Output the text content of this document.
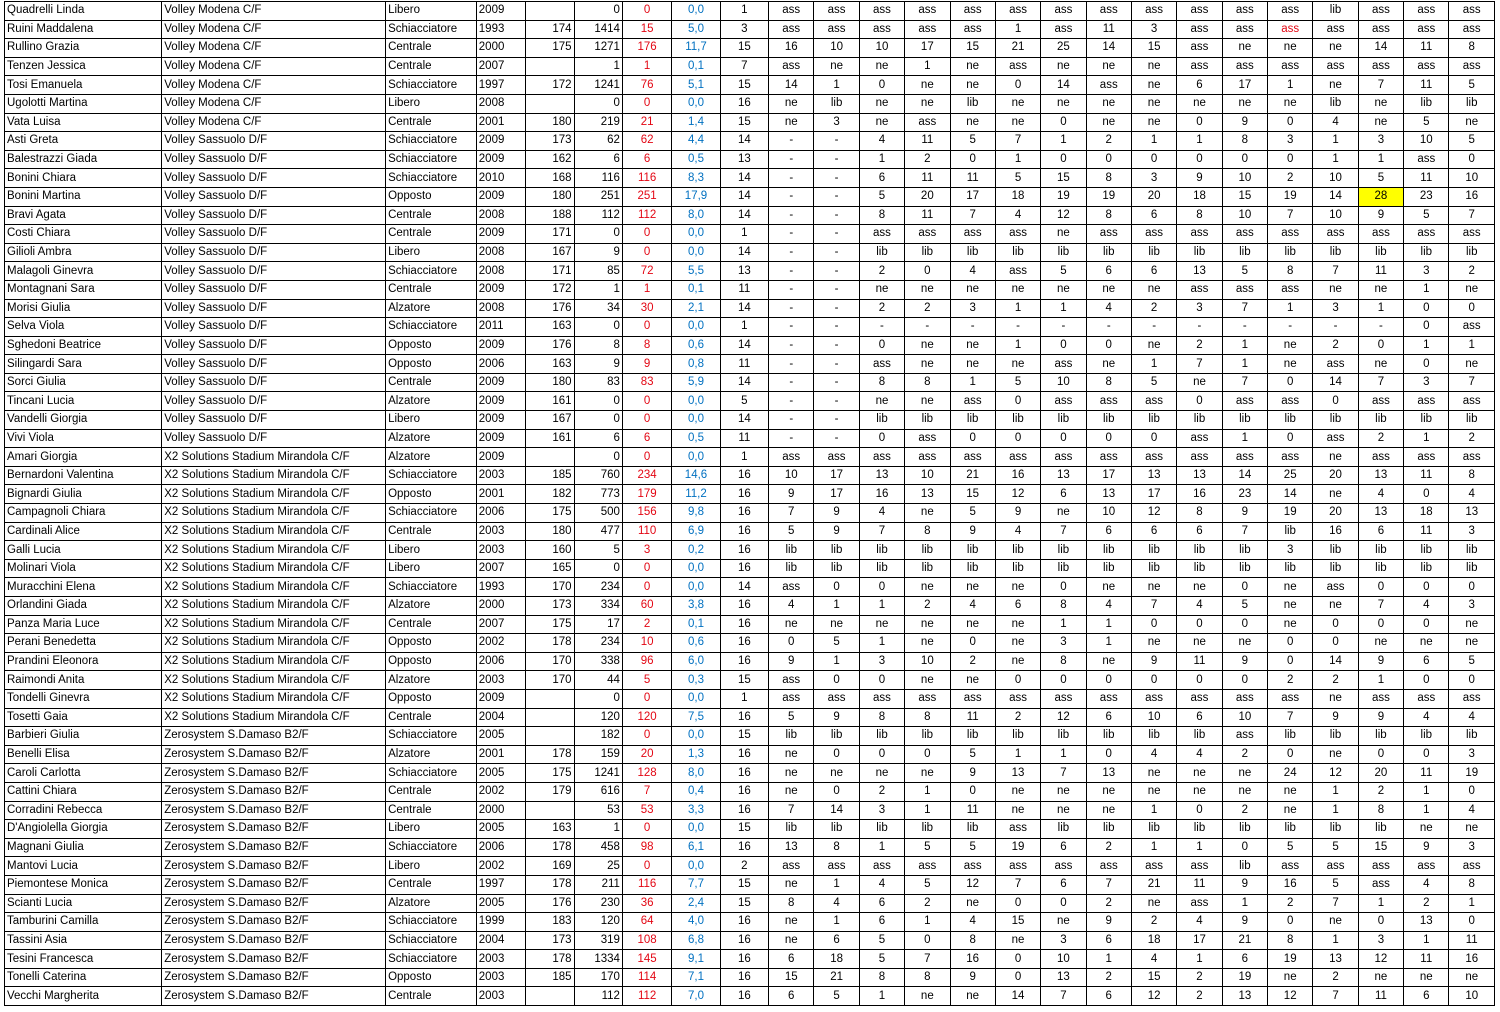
Quadrelli Linda	Volley Modena C/F	Libero	2009		0	0	0,0	1	ass	ass	ass	ass	ass	ass	ass	ass	ass	ass	ass	ass	lib	ass	ass	ass
Ruini Maddalena	Volley Modena C/F	Schiacciatore	1993	174	1414	15	5,0	3	ass	ass	ass	ass	ass	1	ass	11	3	ass	ass	ass	ass	ass	ass	ass
Rullino Grazia	Volley Modena C/F	Centrale	2000	175	1271	176	11,7	15	16	10	10	17	15	21	25	14	15	ass	ne	ne	ne	14	11	8
Tenzen Jessica	Volley Modena C/F	Centrale	2007		1	1	0,1	7	ass	ne	ne	1	ne	ass	ne	ne	ne	ass	ass	ass	ass	ass	ass	ass
Tosi Emanuela	Volley Modena C/F	Schiacciatore	1997	172	1241	76	5,1	15	14	1	0	ne	ne	0	14	ass	ne	6	17	1	ne	7	11	5
Ugolotti Martina	Volley Modena C/F	Libero	2008		0	0	0,0	16	ne	lib	ne	ne	lib	ne	ne	ne	ne	ne	ne	ne	lib	ne	lib	lib
Vata Luisa	Volley Modena C/F	Centrale	2001	180	219	21	1,4	15	ne	3	ne	ass	ne	ne	0	ne	ne	0	9	0	4	ne	5	ne
Asti Greta	Volley Sassuolo D/F	Schiacciatore	2009	173	62	62	4,4	14	-	-	4	11	5	7	1	2	1	1	8	3	1	3	10	5
Balestrazzi Giada	Volley Sassuolo D/F	Schiacciatore	2009	162	6	6	0,5	13	-	-	1	2	0	1	0	0	0	0	0	0	1	1	ass	0
Bonini Chiara	Volley Sassuolo D/F	Schiacciatore	2010	168	116	116	8,3	14	-	-	6	11	11	5	15	8	3	9	10	2	10	5	11	10
Bonini Martina	Volley Sassuolo D/F	Opposto	2009	180	251	251	17,9	14	-	-	5	20	17	18	19	19	20	18	15	19	14	28	23	16
Bravi Agata	Volley Sassuolo D/F	Centrale	2008	188	112	112	8,0	14	-	-	8	11	7	4	12	8	6	8	10	7	10	9	5	7
Costi Chiara	Volley Sassuolo D/F	Centrale	2009	171	0	0	0,0	1	-	-	ass	ass	ass	ass	ne	ass	ass	ass	ass	ass	ass	ass	ass	ass
Gilioli Ambra	Volley Sassuolo D/F	Libero	2008	167	9	0	0,0	14	-	-	lib	lib	lib	lib	lib	lib	lib	lib	lib	lib	lib	lib	lib	lib
Malagoli Ginevra	Volley Sassuolo D/F	Schiacciatore	2008	171	85	72	5,5	13	-	-	2	0	4	ass	5	6	6	13	5	8	7	11	3	2
Montagnani Sara	Volley Sassuolo D/F	Centrale	2009	172	1	1	0,1	11	-	-	ne	ne	ne	ne	ne	ne	ne	ass	ass	ass	ne	ne	1	ne
Morisi Giulia	Volley Sassuolo D/F	Alzatore	2008	176	34	30	2,1	14	-	-	2	2	3	1	1	4	2	3	7	1	3	1	0	0
Selva Viola	Volley Sassuolo D/F	Schiacciatore	2011	163	0	0	0,0	1	-	-	-	-	-	-	-	-	-	-	-	-	-	-	0	ass
Sghedoni Beatrice	Volley Sassuolo D/F	Opposto	2009	176	8	8	0,6	14	-	-	0	ne	ne	1	0	0	ne	2	1	ne	2	0	1	1
Silingardi Sara	Volley Sassuolo D/F	Opposto	2006	163	9	9	0,8	11	-	-	ass	ne	ne	ne	ass	ne	1	7	1	ne	ass	ne	0	ne
Sorci Giulia	Volley Sassuolo D/F	Centrale	2009	180	83	83	5,9	14	-	-	8	8	1	5	10	8	5	ne	7	0	14	7	3	7
Tincani Lucia	Volley Sassuolo D/F	Alzatore	2009	161	0	0	0,0	5	-	-	ne	ne	ass	0	ass	ass	ass	0	ass	ass	0	ass	ass	ass
Vandelli Giorgia	Volley Sassuolo D/F	Libero	2009	167	0	0	0,0	14	-	-	lib	lib	lib	lib	lib	lib	lib	lib	lib	lib	lib	lib	lib	lib
Vivi Viola	Volley Sassuolo D/F	Alzatore	2009	161	6	6	0,5	11	-	-	0	ass	0	0	0	0	0	ass	1	0	ass	2	1	2
Amari Giorgia	X2 Solutions Stadium Mirandola C/F	Alzatore	2009		0	0	0,0	1	ass	ass	ass	ass	ass	ass	ass	ass	ass	ass	ass	ass	ne	ass	ass	ass
Bernardoni Valentina	X2 Solutions Stadium Mirandola C/F	Schiacciatore	2003	185	760	234	14,6	16	10	17	13	10	21	16	13	17	13	13	14	25	20	13	11	8
Bignardi Giulia	X2 Solutions Stadium Mirandola C/F	Opposto	2001	182	773	179	11,2	16	9	17	16	13	15	12	6	13	17	16	23	14	ne	4	0	4
Campagnoli Chiara	X2 Solutions Stadium Mirandola C/F	Schiacciatore	2006	175	500	156	9,8	16	7	9	4	ne	5	9	ne	10	12	8	9	19	20	13	18	13
Cardinali Alice	X2 Solutions Stadium Mirandola C/F	Centrale	2003	180	477	110	6,9	16	5	9	7	8	9	4	7	6	6	6	7	lib	16	6	11	3
Galli Lucia	X2 Solutions Stadium Mirandola C/F	Libero	2003	160	5	3	0,2	16	lib	lib	lib	lib	lib	lib	lib	lib	lib	lib	lib	3	lib	lib	lib	lib
Molinari Viola	X2 Solutions Stadium Mirandola C/F	Libero	2007	165	0	0	0,0	16	lib	lib	lib	lib	lib	lib	lib	lib	lib	lib	lib	lib	lib	lib	lib	lib
Muracchini Elena	X2 Solutions Stadium Mirandola C/F	Schiacciatore	1993	170	234	0	0,0	14	ass	0	0	ne	ne	ne	0	ne	ne	ne	0	ne	ass	0	0	0
Orlandini Giada	X2 Solutions Stadium Mirandola C/F	Alzatore	2000	173	334	60	3,8	16	4	1	1	2	4	6	8	4	7	4	5	ne	ne	7	4	3
Panza Maria Luce	X2 Solutions Stadium Mirandola C/F	Centrale	2007	175	17	2	0,1	16	ne	ne	ne	ne	ne	ne	1	1	0	0	0	ne	0	0	0	ne
Perani Benedetta	X2 Solutions Stadium Mirandola C/F	Opposto	2002	178	234	10	0,6	16	0	5	1	ne	0	ne	3	1	ne	ne	ne	0	0	ne	ne	ne
Prandini Eleonora	X2 Solutions Stadium Mirandola C/F	Opposto	2006	170	338	96	6,0	16	9	1	3	10	2	ne	8	ne	9	11	9	0	14	9	6	5
Raimondi Anita	X2 Solutions Stadium Mirandola C/F	Alzatore	2003	170	44	5	0,3	15	ass	0	0	ne	ne	0	0	0	0	0	0	2	2	1	0	0
Tondelli Ginevra	X2 Solutions Stadium Mirandola C/F	Opposto	2009		0	0	0,0	1	ass	ass	ass	ass	ass	ass	ass	ass	ass	ass	ass	ass	ne	ass	ass	ass
Tosetti Gaia	X2 Solutions Stadium Mirandola C/F	Centrale	2004		120	120	7,5	16	5	9	8	8	11	2	12	6	10	6	10	7	9	9	4	4
Barbieri Giulia	Zerosystem S.Damaso B2/F	Schiacciatore	2005		182	0	0,0	15	lib	lib	lib	lib	lib	lib	lib	lib	lib	lib	ass	lib	lib	lib	lib	lib
Benelli Elisa	Zerosystem S.Damaso B2/F	Alzatore	2001	178	159	20	1,3	16	ne	0	0	0	5	1	1	0	4	4	2	0	ne	0	0	3
Caroli Carlotta	Zerosystem S.Damaso B2/F	Schiacciatore	2005	175	1241	128	8,0	16	ne	ne	ne	ne	9	13	7	13	ne	ne	ne	24	12	20	11	19
Cattini Chiara	Zerosystem S.Damaso B2/F	Centrale	2002	179	616	7	0,4	16	ne	0	2	1	0	ne	ne	ne	ne	ne	ne	ne	1	2	1	0
Corradini Rebecca	Zerosystem S.Damaso B2/F	Centrale	2000		53	53	3,3	16	7	14	3	1	11	ne	ne	ne	1	0	2	ne	1	8	1	4
D'Angiolella Giorgia	Zerosystem S.Damaso B2/F	Libero	2005	163	1	0	0,0	15	lib	lib	lib	lib	lib	ass	lib	lib	lib	lib	lib	lib	lib	lib	ne	ne
Magnani Giulia	Zerosystem S.Damaso B2/F	Schiacciatore	2006	178	458	98	6,1	16	13	8	1	5	5	19	6	2	1	1	0	5	5	15	9	3
Mantovi Lucia	Zerosystem S.Damaso B2/F	Libero	2002	169	25	0	0,0	2	ass	ass	ass	ass	ass	ass	ass	ass	ass	ass	lib	ass	ass	ass	ass	ass
Piemontese Monica	Zerosystem S.Damaso B2/F	Centrale	1997	178	211	116	7,7	15	ne	1	4	5	12	7	6	7	21	11	9	16	5	ass	4	8
Scianti Lucia	Zerosystem S.Damaso B2/F	Alzatore	2005	176	230	36	2,4	15	8	4	6	2	ne	0	0	2	ne	ass	1	2	7	1	2	1
Tamburini Camilla	Zerosystem S.Damaso B2/F	Schiacciatore	1999	183	120	64	4,0	16	ne	1	6	1	4	15	ne	9	2	4	9	0	ne	0	13	0
Tassini Asia	Zerosystem S.Damaso B2/F	Schiacciatore	2004	173	319	108	6,8	16	ne	6	5	0	8	ne	3	6	18	17	21	8	1	3	1	11
Tesini Francesca	Zerosystem S.Damaso B2/F	Schiacciatore	2003	178	1334	145	9,1	16	6	18	5	7	16	0	10	1	4	1	6	19	13	12	11	16
Tonelli Caterina	Zerosystem S.Damaso B2/F	Opposto	2003	185	170	114	7,1	16	15	21	8	8	9	0	13	2	15	2	19	ne	2	ne	ne	ne
Vecchi Margherita	Zerosystem S.Damaso B2/F	Centrale	2003		112	112	7,0	16	6	5	1	ne	ne	14	7	6	12	2	13	12	7	11	6	10
